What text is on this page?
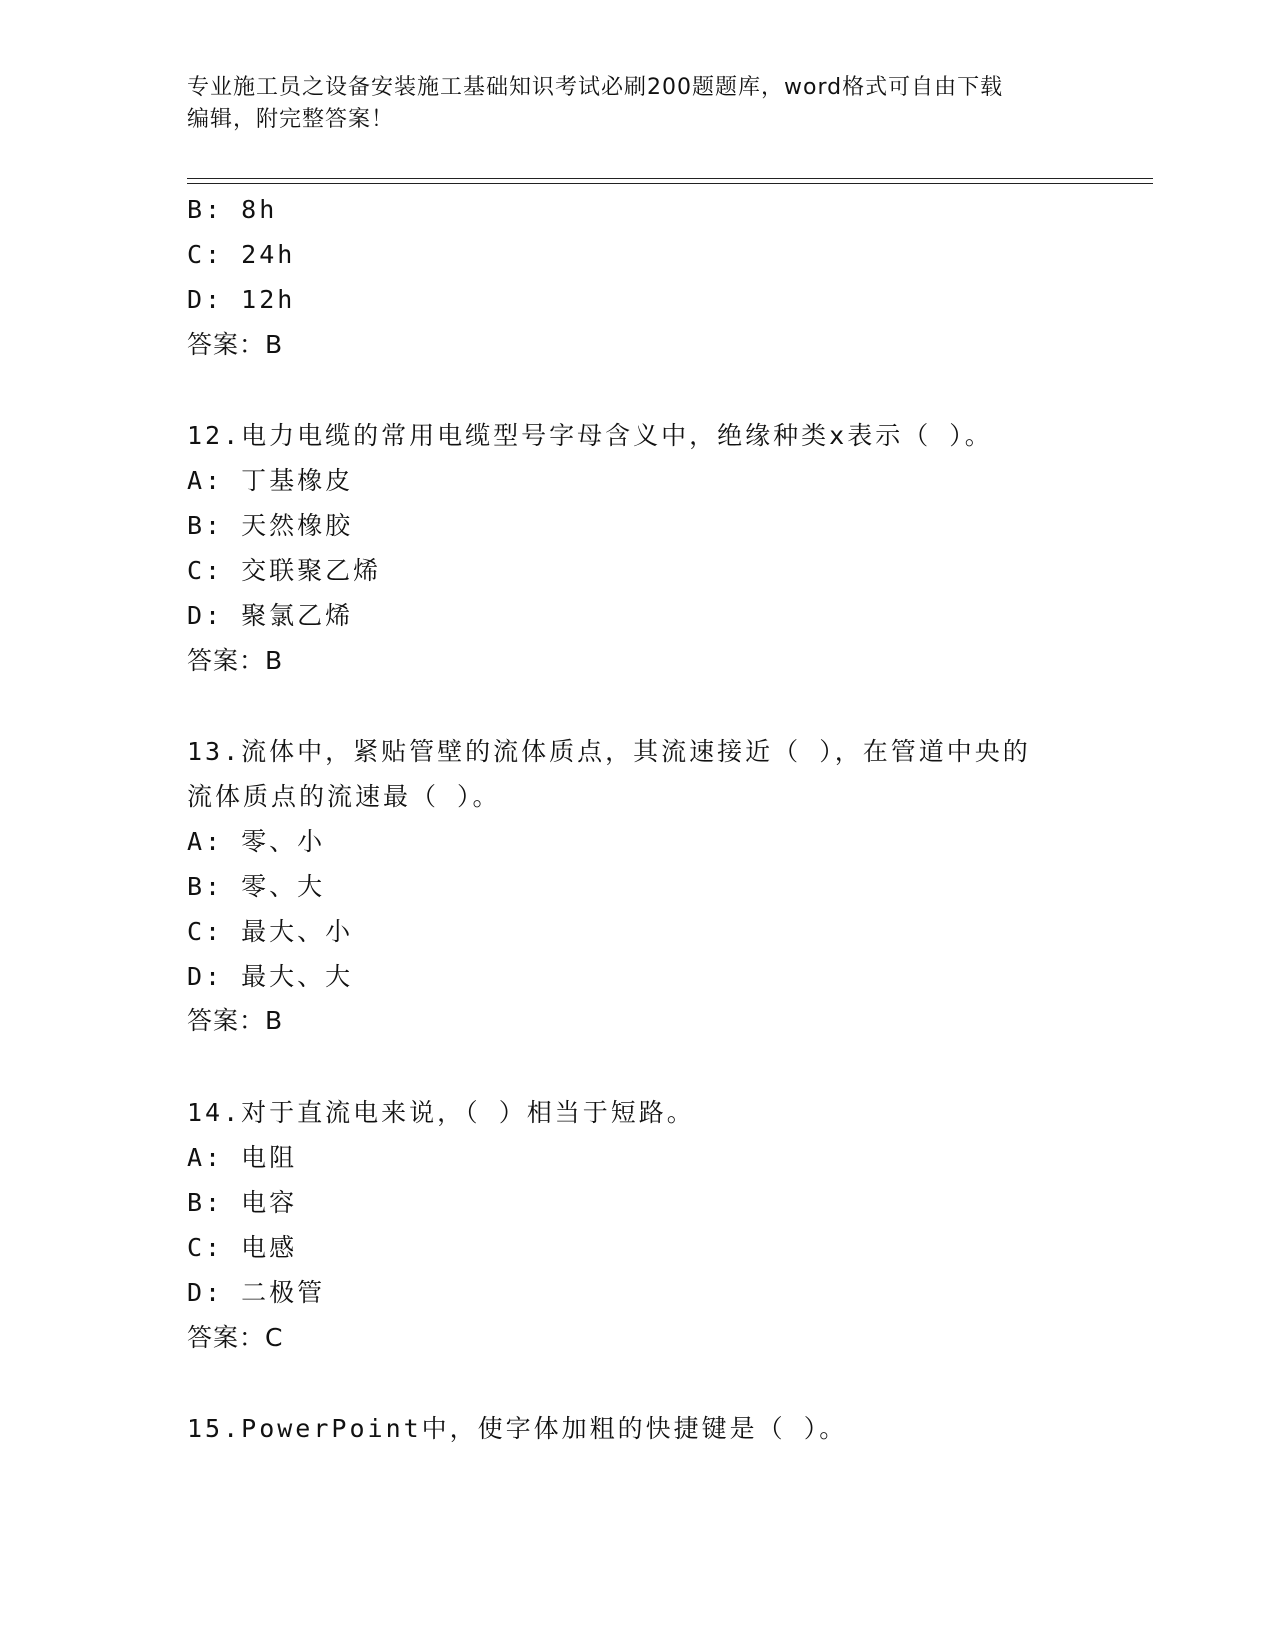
专业施工员之设备安装施工基础知识考试必刷200题题库，word格式可自由下载
编辑，附完整答案！
B: 8h
C: 24h
D: 12h
答案：B
12.电力电缆的常用电缆型号字母含义中，绝缘种类x表示（ ）。
A: 丁基橡皮
B: 天然橡胶
C: 交联聚乙烯
D: 聚氯乙烯
答案：B
13.流体中，紧贴管壁的流体质点，其流速接近（ ），在管道中央的
流体质点的流速最（ ）。
A: 零、小
B: 零、大
C: 最大、小
D: 最大、大
答案：B
14.对于直流电来说，（ ）相当于短路。
A: 电阻
B: 电容
C: 电感
D: 二极管
答案：C
15.PowerPoint中，使字体加粗的快捷键是（ ）。
